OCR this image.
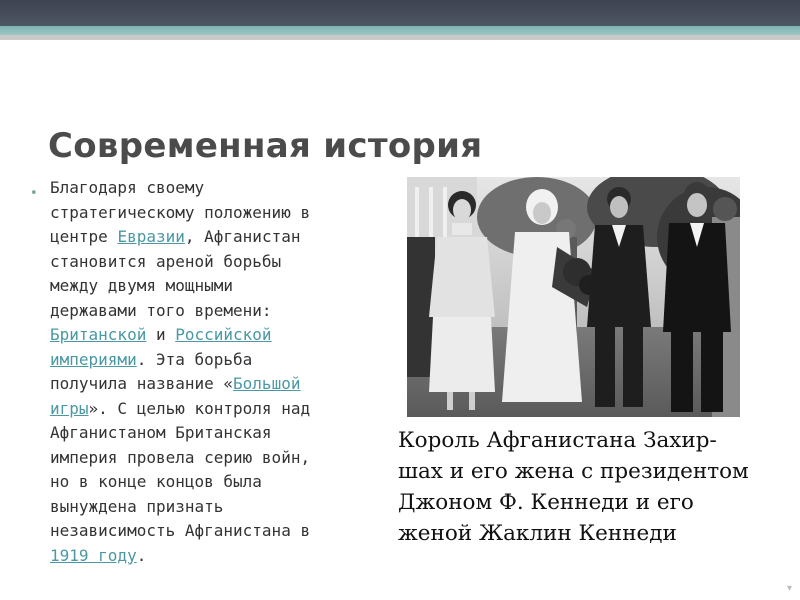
Современная история
• Благодаря своему
стратегическому положению в
центре Евразии, Афганистан
становится ареной борьбы
между двумя мощными
державами того времени:
Британской и Российской
империями. Эта борьба
получила название «Большой
игры». С целью контроля над
Афганистаном Британская
империя провела серию войн,
но в конце концов была
вынуждена признать
независимость Афганистана в
1919 году.
Король Афганистана Захир-
шах и его жена с президентом
Джоном Ф. Кеннеди и его
женой Жаклин Кеннеди
▾
